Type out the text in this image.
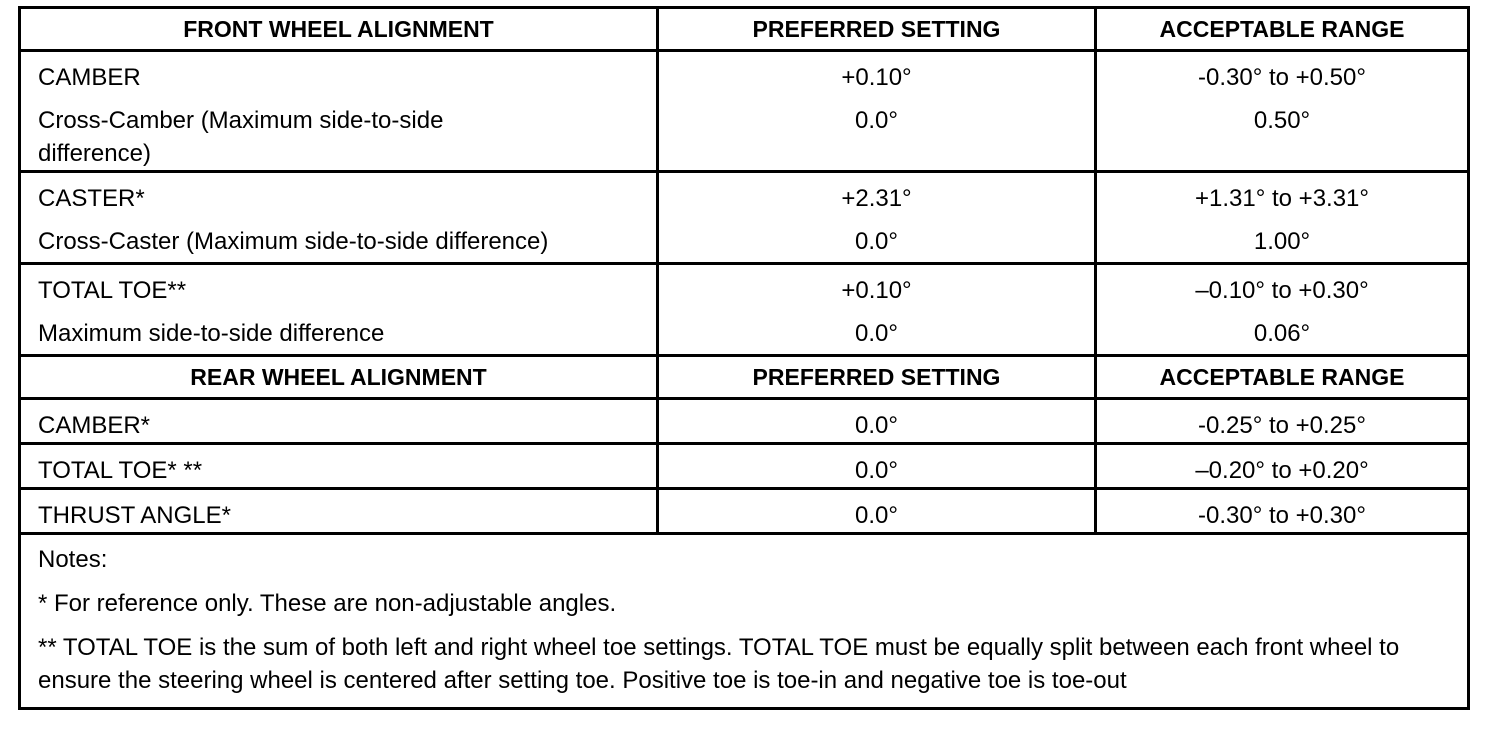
FRONT WHEEL ALIGNMENT	PREFERRED SETTING	ACCEPTABLE RANGE
CAMBER	+0.10°	-0.30° to +0.50°
Cross-Camber (Maximum side-to-side difference)	0.0°	0.50°
CASTER*	+2.31°	+1.31° to +3.31°
Cross-Caster (Maximum side-to-side difference)	0.0°	1.00°
TOTAL TOE**	+0.10°	–0.10° to +0.30°
Maximum side-to-side difference	0.0°	0.06°
REAR WHEEL ALIGNMENT	PREFERRED SETTING	ACCEPTABLE RANGE
CAMBER*	0.0°	-0.25° to +0.25°
TOTAL TOE* **	0.0°	–0.20° to +0.20°
THRUST ANGLE*	0.0°	-0.30° to +0.30°

Notes:

* For reference only. These are non-adjustable angles.

** TOTAL TOE is the sum of both left and right wheel toe settings. TOTAL TOE must be equally split between each front wheel to ensure the steering wheel is centered after setting toe. Positive toe is toe-in and negative toe is toe-out		
